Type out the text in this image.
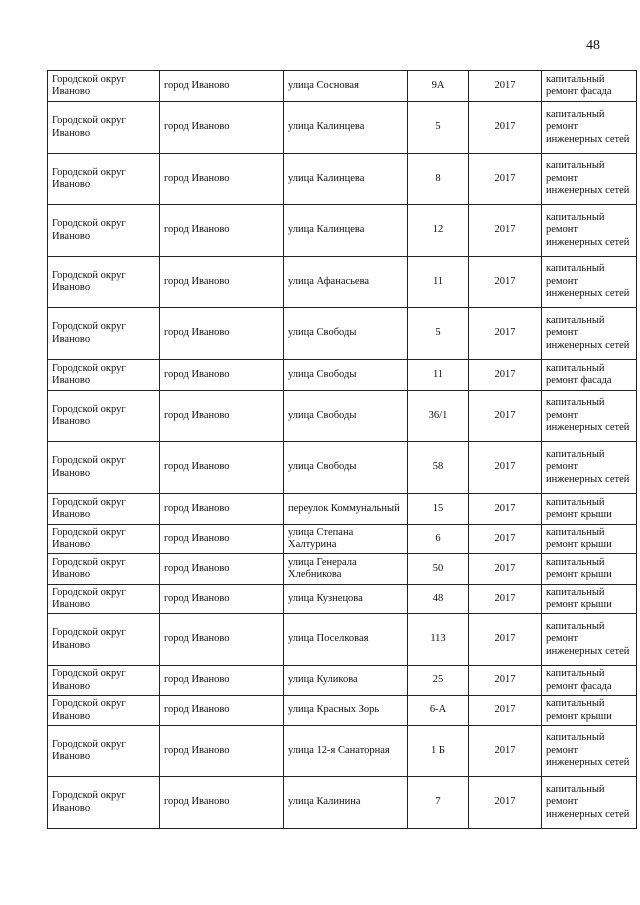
48
Городской округ Иваново	город Иваново	улица Сосновая	9А	2017	капитальный ремонт фасада
Городской округ Иваново	город Иваново	улица Калинцева	5	2017	капитальный ремонт инженерных сетей
Городской округ Иваново	город Иваново	улица Калинцева	8	2017	капитальный ремонт инженерных сетей
Городской округ Иваново	город Иваново	улица Калинцева	12	2017	капитальный ремонт инженерных сетей
Городской округ Иваново	город Иваново	улица Афанасьева	11	2017	капитальный ремонт инженерных сетей
Городской округ Иваново	город Иваново	улица Свободы	5	2017	капитальный ремонт инженерных сетей
Городской округ Иваново	город Иваново	улица Свободы	11	2017	капитальный ремонт фасада
Городской округ Иваново	город Иваново	улица Свободы	36/1	2017	капитальный ремонт инженерных сетей
Городской округ Иваново	город Иваново	улица Свободы	58	2017	капитальный ремонт инженерных сетей
Городской округ Иваново	город Иваново	переулок Коммунальный	15	2017	капитальный ремонт крыши
Городской округ Иваново	город Иваново	улица Степана Халтурина	6	2017	капитальный ремонт крыши
Городской округ Иваново	город Иваново	улица Генерала Хлебникова	50	2017	капитальный ремонт крыши
Городской округ Иваново	город Иваново	улица Кузнецова	48	2017	капитальный ремонт крыши
Городской округ Иваново	город Иваново	улица Поселковая	113	2017	капитальный ремонт инженерных сетей
Городской округ Иваново	город Иваново	улица Куликова	25	2017	капитальный ремонт фасада
Городской округ Иваново	город Иваново	улица Красных Зорь	6-А	2017	капитальный ремонт крыши
Городской округ Иваново	город Иваново	улица 12-я Санаторная	1 Б	2017	капитальный ремонт инженерных сетей
Городской округ Иваново	город Иваново	улица Калинина	7	2017	капитальный ремонт инженерных сетей
